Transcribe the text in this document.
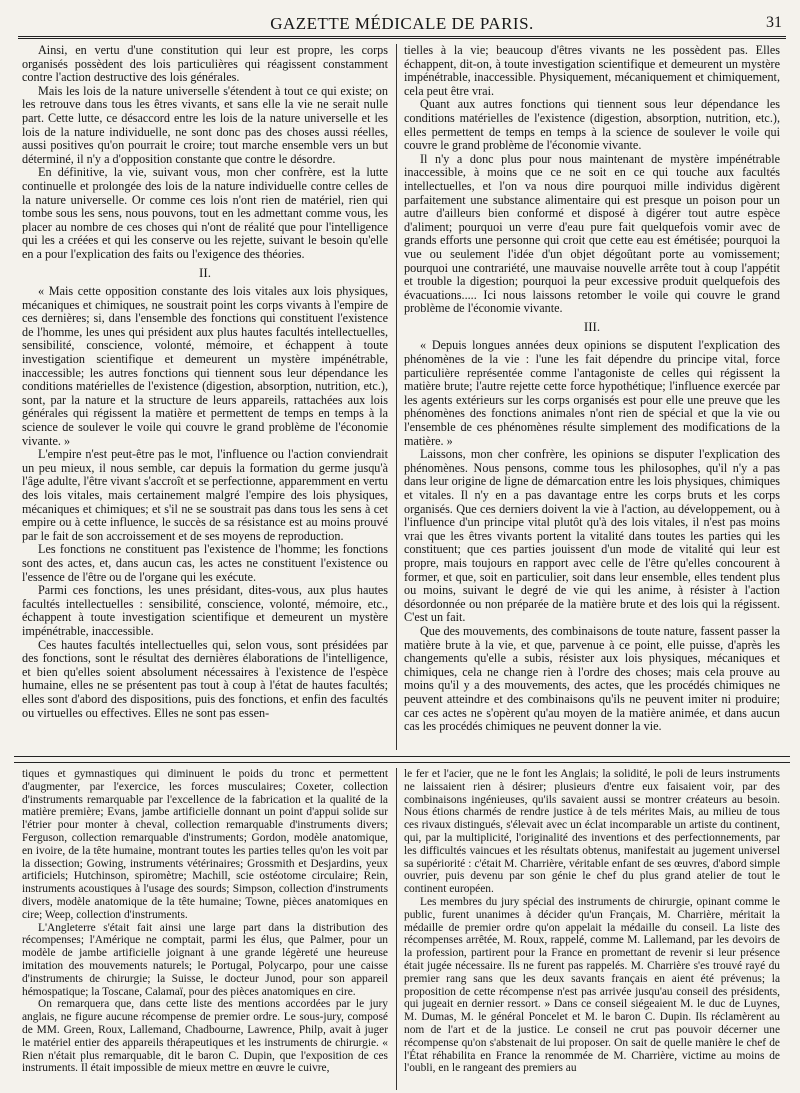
GAZETTE MÉDICALE DE PARIS.	31

Ainsi, en vertu d'une constitution qui leur est propre, les corps organisés possèdent des lois particulières qui réagissent constamment contre l'action destructive des lois générales.

Mais les lois de la nature universelle s'étendent à tout ce qui existe; on les retrouve dans tous les êtres vivants, et sans elle la vie ne serait nulle part. Cette lutte, ce désaccord entre les lois de la nature universelle et les lois de la nature individuelle, ne sont donc pas des choses aussi réelles, aussi positives qu'on pourrait le croire; tout marche ensemble vers un but déterminé, il n'y a d'opposition constante que contre le désordre.

En définitive, la vie, suivant vous, mon cher confrère, est la lutte continuelle et prolongée des lois de la nature individuelle contre celles de la nature universelle. Or comme ces lois n'ont rien de matériel, rien qui tombe sous les sens, nous pouvons, tout en les admettant comme vous, les placer au nombre de ces choses qui n'ont de réalité que pour l'intelligence qui les a créées et qui les conserve ou les rejette, suivant le besoin qu'elle en a pour l'explication des faits ou l'exigence des théories.

II.

« Mais cette opposition constante des lois vitales aux lois physiques, mécaniques et chimiques, ne soustrait point les corps vivants à l'empire de ces dernières; si, dans l'ensemble des fonctions qui constituent l'existence de l'homme, les unes qui président aux plus hautes facultés intellectuelles, sensibilité, conscience, volonté, mémoire, et échappent à toute investigation scientifique et demeurent un mystère impénétrable, inaccessible; les autres fonctions qui tiennent sous leur dépendance les conditions matérielles de l'existence (digestion, absorption, nutrition, etc.), sont, par la nature et la structure de leurs appareils, rattachées aux lois générales qui régissent la matière et permettent de temps en temps à la science de soulever le voile qui couvre le grand problème de l'économie vivante. »

L'empire n'est peut-être pas le mot, l'influence ou l'action conviendrait un peu mieux, il nous semble, car depuis la formation du germe jusqu'à l'âge adulte, l'être vivant s'accroît et se perfectionne, apparemment en vertu des lois vitales, mais certainement malgré l'empire des lois physiques, mécaniques et chimiques; et s'il ne se soustrait pas dans tous les sens à cet empire ou à cette influence, le succès de sa résistance est au moins prouvé par le fait de son accroissement et de ses moyens de reproduction.

Les fonctions ne constituent pas l'existence de l'homme; les fonctions sont des actes, et, dans aucun cas, les actes ne constituent l'existence ou l'essence de l'être ou de l'organe qui les exécute.

Parmi ces fonctions, les unes présidant, dites-vous, aux plus hautes facultés intellectuelles : sensibilité, conscience, volonté, mémoire, etc., échappent à toute investigation scientifique et demeurent un mystère impénétrable, inaccessible.

Ces hautes facultés intellectuelles qui, selon vous, sont présidées par des fonctions, sont le résultat des dernières élaborations de l'intelligence, et bien qu'elles soient absolument nécessaires à l'existence de l'espèce humaine, elles ne se présentent pas tout à coup à l'état de hautes facultés; elles sont d'abord des dispositions, puis des fonctions, et enfin des facultés ou virtuelles ou effectives. Elles ne sont pas essen-

tielles à la vie; beaucoup d'êtres vivants ne les possèdent pas. Elles échappent, dit-on, à toute investigation scientifique et demeurent un mystère impénétrable, inaccessible. Physiquement, mécaniquement et chimiquement, cela peut être vrai.

Quant aux autres fonctions qui tiennent sous leur dépendance les conditions matérielles de l'existence (digestion, absorption, nutrition, etc.), elles permettent de temps en temps à la science de soulever le voile qui couvre le grand problème de l'économie vivante.

Il n'y a donc plus pour nous maintenant de mystère impénétrable inaccessible, à moins que ce ne soit en ce qui touche aux facultés intellectuelles, et l'on va nous dire pourquoi mille individus digèrent parfaitement une substance alimentaire qui est presque un poison pour un autre d'ailleurs bien conformé et disposé à digérer tout autre espèce d'aliment; pourquoi un verre d'eau pure fait quelquefois vomir avec de grands efforts une personne qui croit que cette eau est émétisée; pourquoi la vue ou seulement l'idée d'un objet dégoûtant porte au vomissement; pourquoi une contrariété, une mauvaise nouvelle arrête tout à coup l'appétit et trouble la digestion; pourquoi la peur excessive produit quelquefois des évacuations..... Ici nous laissons retomber le voile qui couvre le grand problème de l'économie vivante.

III.

« Depuis longues années deux opinions se disputent l'explication des phénomènes de la vie : l'une les fait dépendre du principe vital, force particulière représentée comme l'antagoniste de celles qui régissent la matière brute; l'autre rejette cette force hypothétique; l'influence exercée par les agents extérieurs sur les corps organisés est pour elle une preuve que les phénomènes des fonctions animales n'ont rien de spécial et que la vie ou l'ensemble de ces phénomènes résulte simplement des modifications de la matière. »

Laissons, mon cher confrère, les opinions se disputer l'explication des phénomènes. Nous pensons, comme tous les philosophes, qu'il n'y a pas dans leur origine de ligne de démarcation entre les lois physiques, chimiques et vitales. Il n'y en a pas davantage entre les corps bruts et les corps organisés. Que ces derniers doivent la vie à l'action, au développement, ou à l'influence d'un principe vital plutôt qu'à des lois vitales, il n'est pas moins vrai que les êtres vivants portent la vitalité dans toutes les parties qui les constituent; que ces parties jouissent d'un mode de vitalité qui leur est propre, mais toujours en rapport avec celle de l'être qu'elles concourent à former, et que, soit en particulier, soit dans leur ensemble, elles tendent plus ou moins, suivant le degré de vie qui les anime, à résister à l'action désordonnée ou non préparée de la matière brute et des lois qui la régissent. C'est un fait.

Que des mouvements, des combinaisons de toute nature, fassent passer la matière brute à la vie, et que, parvenue à ce point, elle puisse, d'après les changements qu'elle a subis, résister aux lois physiques, mécaniques et chimiques, cela ne change rien à l'ordre des choses; mais cela prouve au moins qu'il y a des mouvements, des actes, que les procédés chimiques ne peuvent atteindre et des combinaisons qu'ils ne peuvent imiter ni produire; car ces actes ne s'opèrent qu'au moyen de la matière animée, et dans aucun cas les procédés chimiques ne peuvent donner la vie.

tiques et gymnastiques qui diminuent le poids du tronc et permettent d'augmenter, par l'exercice, les forces musculaires; Coxeter, collection d'instruments remarquable par l'excellence de la fabrication et la qualité de la matière première; Evans, jambe artificielle donnant un point d'appui solide sur l'étrier pour monter à cheval, collection remarquable d'instruments divers; Ferguson, collection remarquable d'instruments; Gordon, modèle anatomique, en ivoire, de la tête humaine, montrant toutes les parties telles qu'on les voit par la dissection; Gowing, instruments vétérinaires; Grossmith et Desjardins, yeux artificiels; Hutchinson, spiromètre; Machill, scie ostéotome circulaire; Rein, instruments acoustiques à l'usage des sourds; Simpson, collection d'instruments divers, modèle anatomique de la tête humaine; Towne, pièces anatomiques en cire; Weep, collection d'instruments.

L'Angleterre s'était fait ainsi une large part dans la distribution des récompenses; l'Amérique ne comptait, parmi les élus, que Palmer, pour un modèle de jambe artificielle joignant à une grande légèreté une heureuse imitation des mouvements naturels; le Portugal, Polycarpo, pour une caisse d'instruments de chirurgie; la Suisse, le docteur Junod, pour son appareil hémospatique; la Toscane, Calamaï, pour des pièces anatomiques en cire.

On remarquera que, dans cette liste des mentions accordées par le jury anglais, ne figure aucune récompense de premier ordre. Le sous-jury, composé de MM. Green, Roux, Lallemand, Chadbourne, Lawrence, Philp, avait à juger le matériel entier des appareils thérapeutiques et les instruments de chirurgie. « Rien n'était plus remarquable, dit le baron C. Dupin, que l'exposition de ces instruments. Il était impossible de mieux mettre en œuvre le cuivre,

le fer et l'acier, que ne le font les Anglais; la solidité, le poli de leurs instruments ne laissaient rien à désirer; plusieurs d'entre eux faisaient voir, par des combinaisons ingénieuses, qu'ils savaient aussi se montrer créateurs au besoin. Nous étions charmés de rendre justice à de tels mérites Mais, au milieu de tous ces rivaux distingués, s'élevait avec un éclat incomparable un artiste du continent, qui, par la multiplicité, l'originalité des inventions et des perfectionnements, par les difficultés vaincues et les résultats obtenus, manifestait au jugement universel sa supériorité : c'était M. Charrière, véritable enfant de ses œuvres, d'abord simple ouvrier, puis devenu par son génie le chef du plus grand atelier de tout le continent européen.

Les membres du jury spécial des instruments de chirurgie, opinant comme le public, furent unanimes à décider qu'un Français, M. Charrière, méritait la médaille de premier ordre qu'on appelait la médaille du conseil. La liste des récompenses arrêtée, M. Roux, rappelé, comme M. Lallemand, par les devoirs de la profession, partirent pour la France en promettant de revenir si leur présence était jugée nécessaire. Ils ne furent pas rappelés. M. Charrière s'es trouvé rayé du premier rang sans que les deux savants français en aient été prévenus; la proposition de cette récompense n'est pas arrivée jusqu'au conseil des présidents, qui jugeait en dernier ressort. » Dans ce conseil siégeaient M. le duc de Luynes, M. Dumas, M. le général Poncelet et M. le baron C. Dupin. Ils réclamèrent au nom de l'art et de la justice. Le conseil ne crut pas pouvoir décerner une récompense qu'on s'abstenait de lui proposer. On sait de quelle manière le chef de l'État réhabilita en France la renommée de M. Charrière, victime au moins de l'oubli, en le rangeant des premiers au
